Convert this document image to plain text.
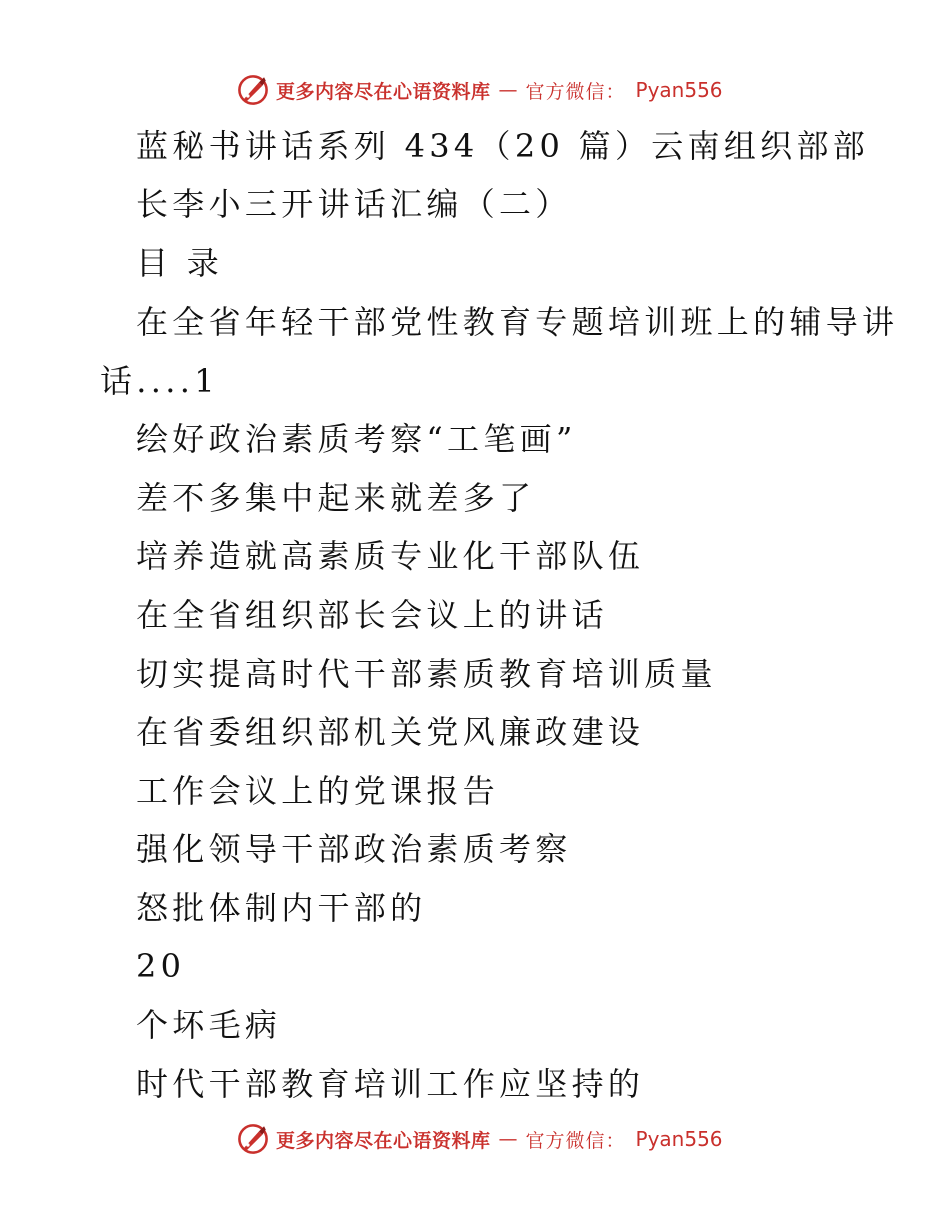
更多内容尽在心语资料库 — 官方微信： Pyan556
蓝秘书讲话系列 434（20 篇）云南组织部部
长李小三开讲话汇编（二）
目 录
在全省年轻干部党性教育专题培训班上的辅导讲
话....1
绘好政治素质考察“工笔画”
差不多集中起来就差多了
培养造就高素质专业化干部队伍
在全省组织部长会议上的讲话
切实提高时代干部素质教育培训质量
在省委组织部机关党风廉政建设
工作会议上的党课报告
强化领导干部政治素质考察
怒批体制内干部的
20
个坏毛病
时代干部教育培训工作应坚持的
更多内容尽在心语资料库 — 官方微信： Pyan556
